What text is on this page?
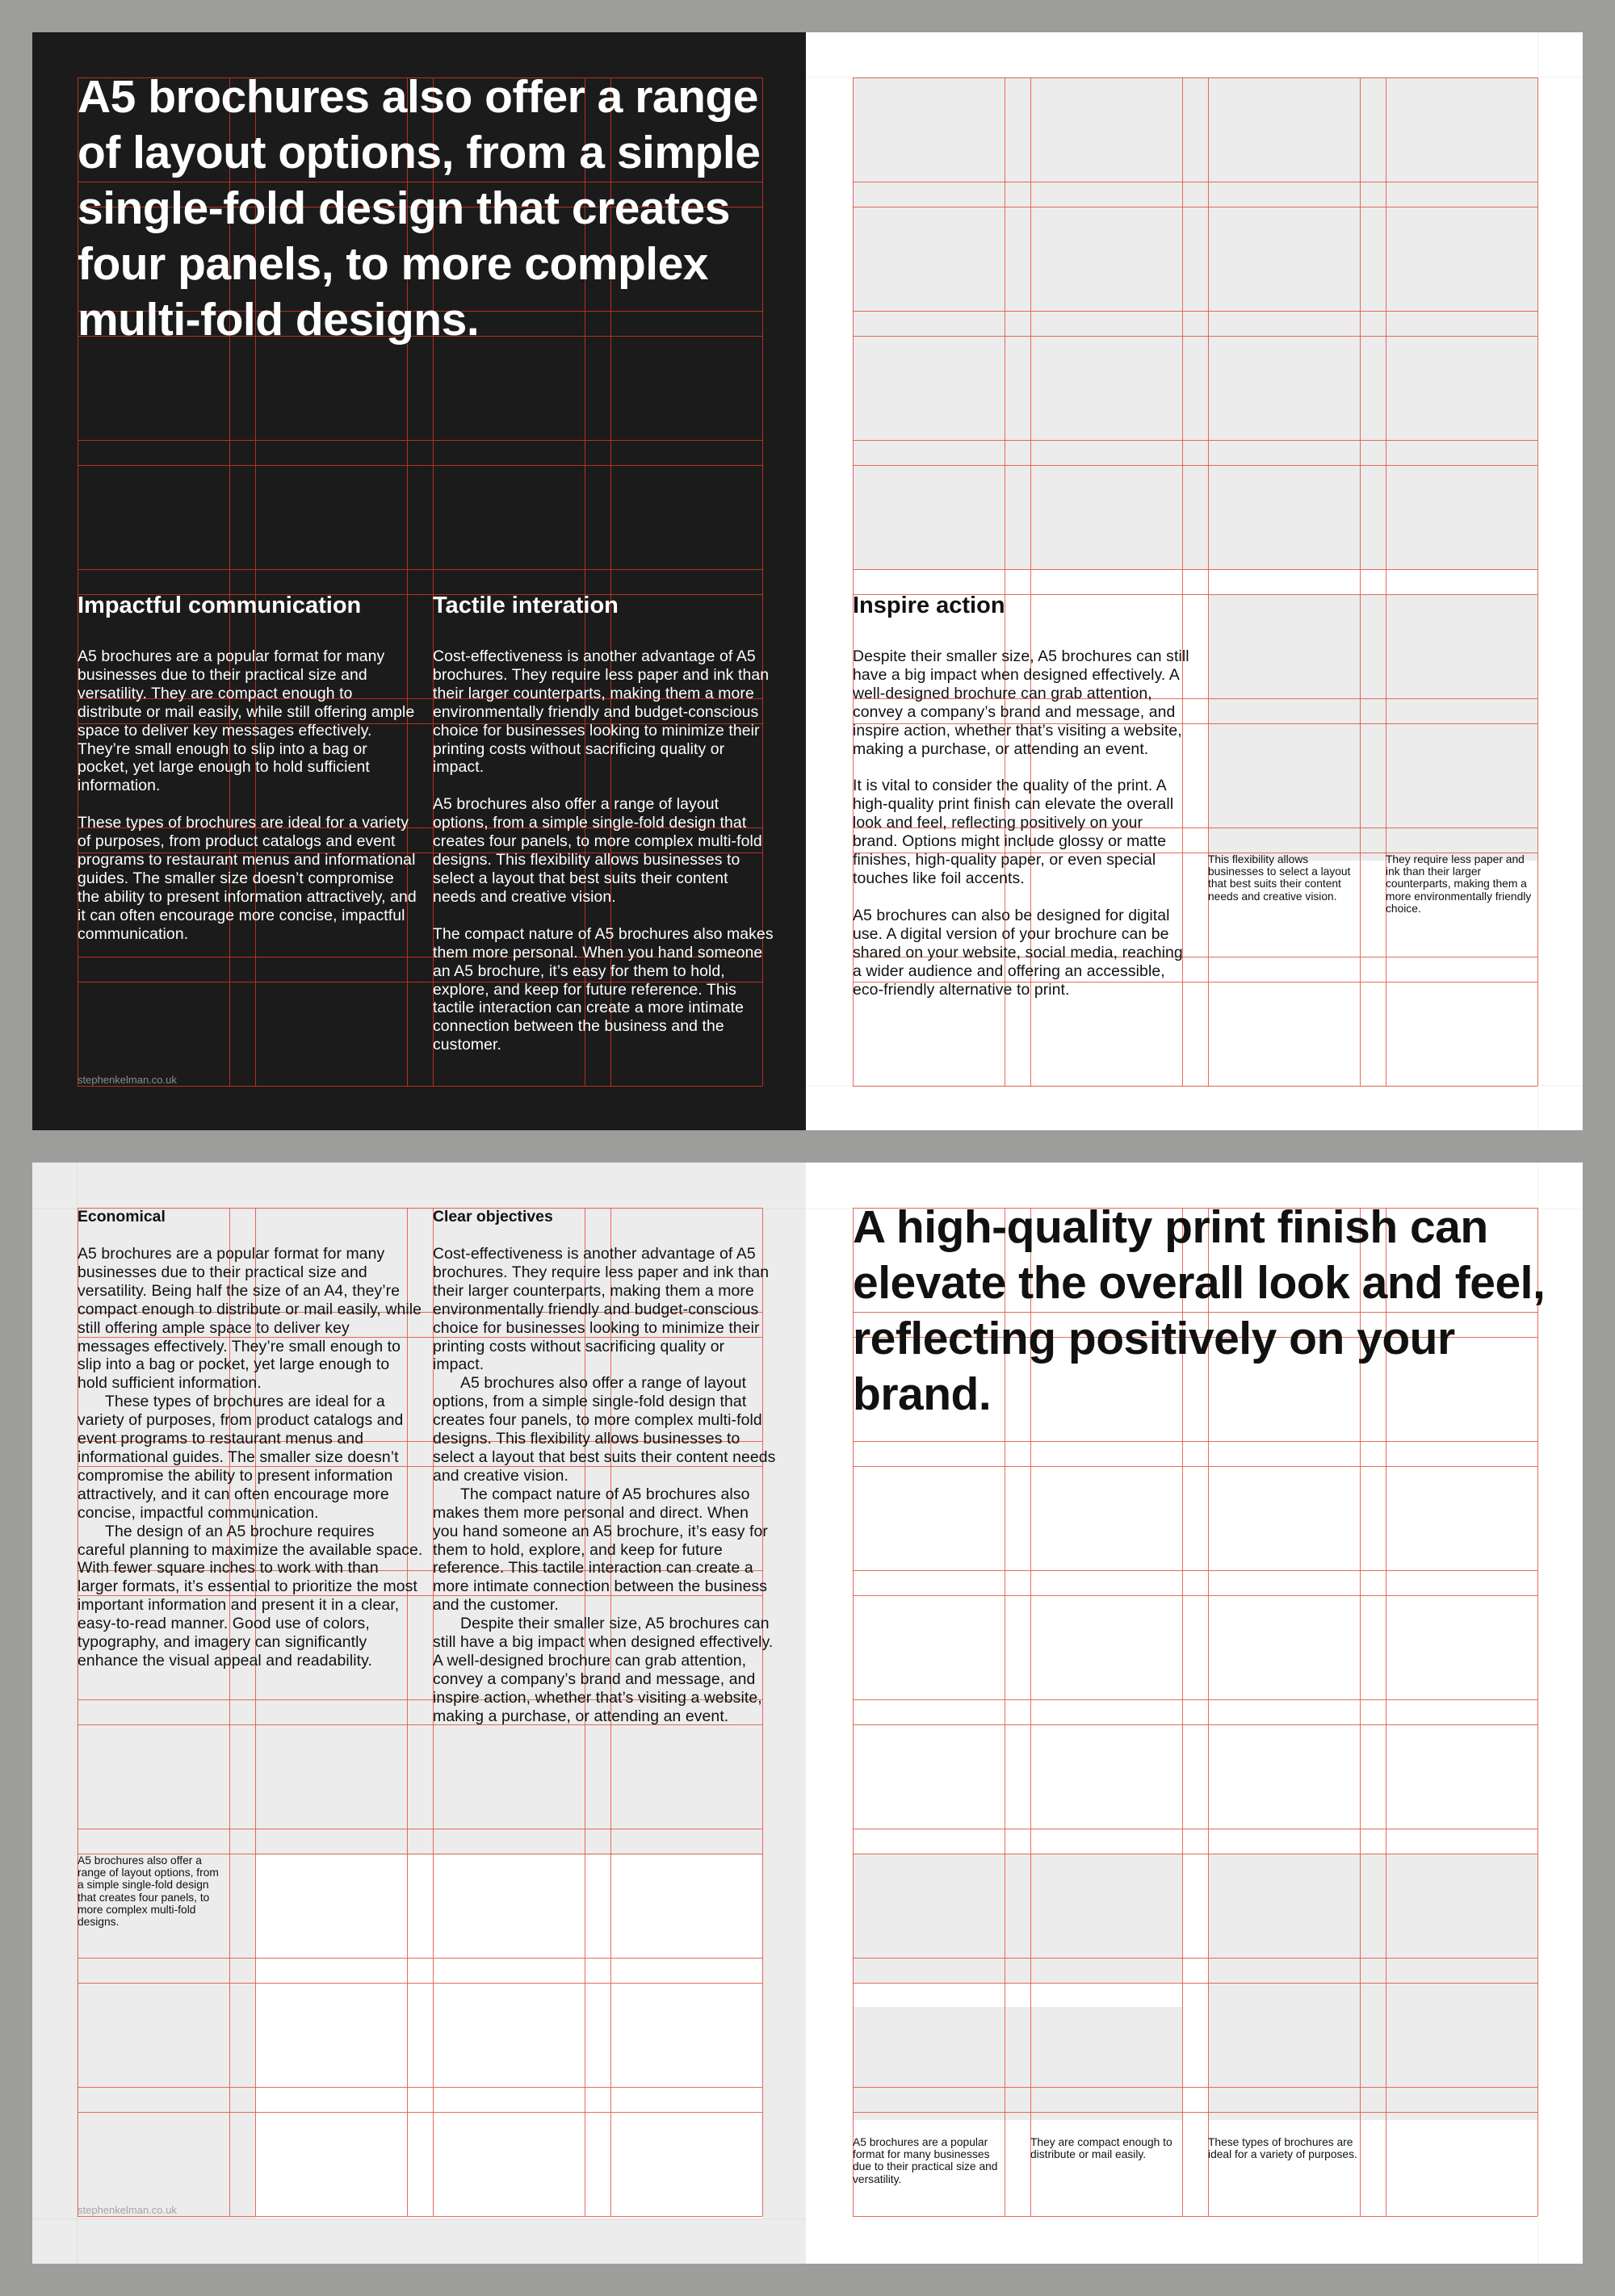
A5 brochures also offer a range of layout options, from a simple single-fold design that creates four panels, to more complex multi-fold designs.
Impactful communication

A5 brochures are a popular format for many businesses due to their practical size and versatility. They are compact enough to distribute or mail easily, while still offering ample space to deliver key messages effectively. They’re small enough to slip into a bag or pocket, yet large enough to hold sufficient information.

These types of brochures are ideal for a variety of purposes, from product catalogs and event programs to restaurant menus and informational guides. The smaller size doesn’t compromise the ability to present information attractively, and it can often encourage more concise, impactful communication.

Tactile interation

Cost-effectiveness is another advantage of A5 brochures. They require less paper and ink than their larger counterparts, making them a more environmentally friendly and budget-conscious choice for businesses looking to minimize their printing costs without sacrificing quality or impact.

A5 brochures also offer a range of layout options, from a simple single-fold design that creates four panels, to more complex multi-fold designs. This flexibility allows businesses to select a layout that best suits their content needs and creative vision.

The compact nature of A5 brochures also makes them more personal. When you hand someone an A5 brochure, it’s easy for them to hold, explore, and keep for future reference. This tactile interaction can create a more intimate connection between the business and the customer.

stephenkelman.co.uk
Inspire action

Despite their smaller size, A5 brochures can still have a big impact when designed effectively. A well-designed brochure can grab attention, convey a company’s brand and message, and inspire action, whether that’s visiting a website, making a purchase, or attending an event.

It is vital to consider the quality of the print. A high-quality print finish can elevate the overall look and feel, reflecting positively on your brand. Options might include glossy or matte finishes, high-quality paper, or even special touches like foil accents.

A5 brochures can also be designed for digital use. A digital version of your brochure can be shared on your website, social media, reaching a wider audience and offering an accessible, eco-friendly alternative to print.

This flexibility allows businesses to select a layout that best suits their content needs and creative vision.
They require less paper and ink than their larger counterparts, making them a more environmentally friendly choice.
Economical

A5 brochures are a popular format for many businesses due to their practical size and versatility. Being half the size of an A4, they’re compact enough to distribute or mail easily, while still offering ample space to deliver key messages effectively. They’re small enough to slip into a bag or pocket, yet large enough to hold sufficient information.

These types of brochures are ideal for a variety of purposes, from product catalogs and event programs to restaurant menus and informational guides. The smaller size doesn’t compromise the ability to present information attractively, and it can often encourage more concise, impactful communication.

The design of an A5 brochure requires careful planning to maximize the available space. With fewer square inches to work with than larger formats, it’s essential to prioritize the most important information and present it in a clear, easy-to-read manner. Good use of colors, typography, and imagery can significantly enhance the visual appeal and readability.

Clear objectives

Cost-effectiveness is another advantage of A5 brochures. They require less paper and ink than their larger counterparts, making them a more environmentally friendly and budget-conscious choice for businesses looking to minimize their printing costs without sacrificing quality or impact.

A5 brochures also offer a range of layout options, from a simple single-fold design that creates four panels, to more complex multi-fold designs. This flexibility allows businesses to select a layout that best suits their content needs and creative vision.

The compact nature of A5 brochures also makes them more personal and direct. When you hand someone an A5 brochure, it’s easy for them to hold, explore, and keep for future reference. This tactile interaction can create a more intimate connection between the business and the customer.

Despite their smaller size, A5 brochures can still have a big impact when designed effectively. A well-designed brochure can grab attention, convey a company’s brand and message, and inspire action, whether that’s visiting a website, making a purchase, or attending an event.

A5 brochures also offer a range of layout options, from a simple single-fold design that creates four panels, to more complex multi-fold designs.
stephenkelman.co.uk
A high-quality print finish can elevate the overall look and feel, reflecting positively on your brand.
A5 brochures are a popular format for many businesses due to their practical size and versatility.
They are compact enough to distribute or mail easily.
These types of brochures are ideal for a variety of purposes.
